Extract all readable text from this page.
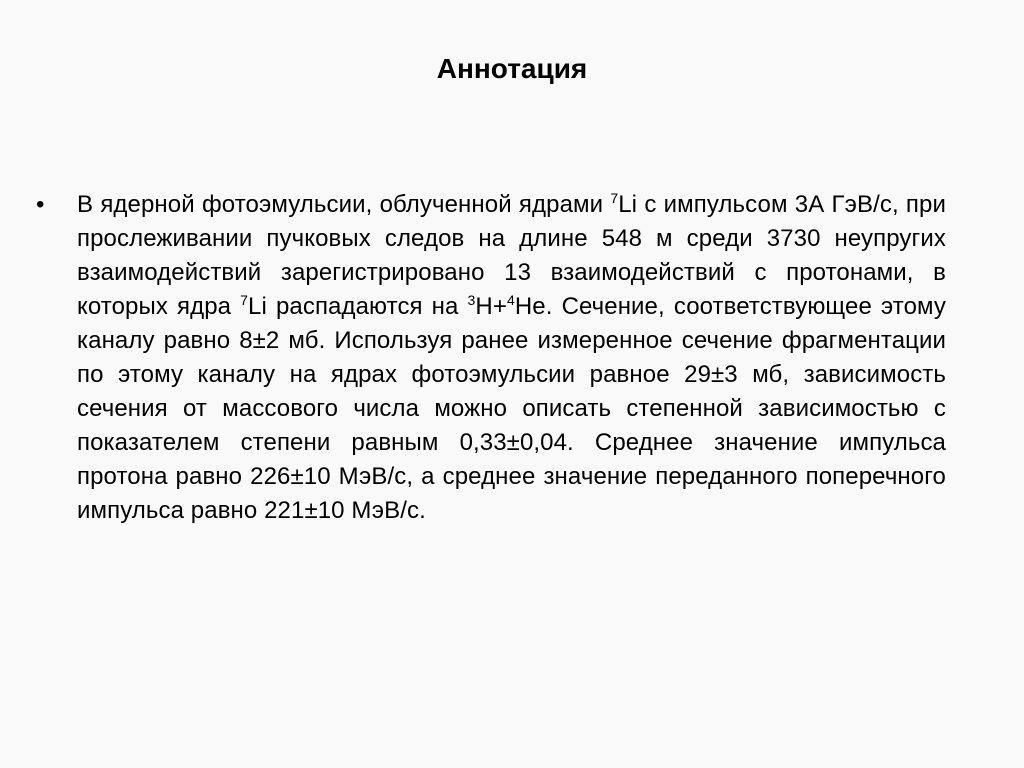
Аннотация
• В ядерной фотоэмульсии, облученной ядрами $^7$Li с импульсом 3А ГэВ/с, при прослеживании пучковых следов на длине 548 м среди 3730 неупругих взаимодействий зарегистрировано 13 взаимодействий с протонами, в которых ядра $^7$Li распадаются на $^3$H+$^4$He. Сечение, соответствующее этому каналу равно 8±2 мб. Используя ранее измеренное сечение фрагментации по этому каналу на ядрах фотоэмульсии равное 29±3 мб, зависимость сечения от массового числа можно описать степенной зависимостью с показателем степени равным 0,33±0,04. Среднее значение импульса протона равно 226±10 МэВ/с, а среднее значение переданного поперечного импульса равно 221±10 МэВ/с.
